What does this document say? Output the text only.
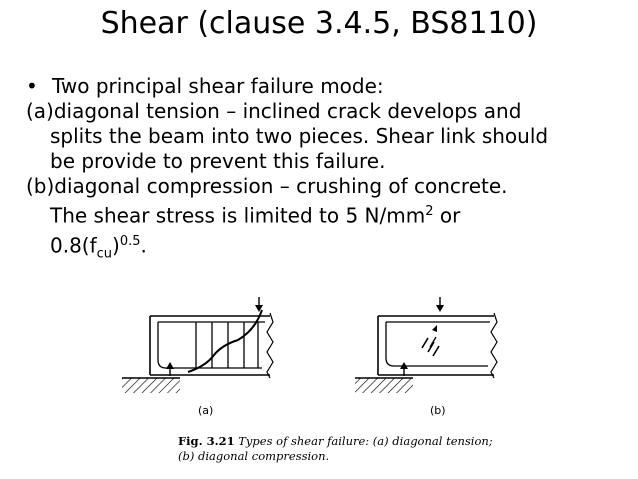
Shear (clause 3.4.5, BS8110)
• Two principal shear failure mode:
(a)diagonal tension – inclined crack develops and
splits the beam into two pieces. Shear link should
be provide to prevent this failure.
(b)diagonal compression – crushing of concrete.
The shear stress is limited to 5 $N/mm^2$ or
$0.8(f_{cu})^{0.5}$.
(a)	(b)
Fig. 3.21 Types of shear failure: (a) diagonal tension;
(b) diagonal compression.
